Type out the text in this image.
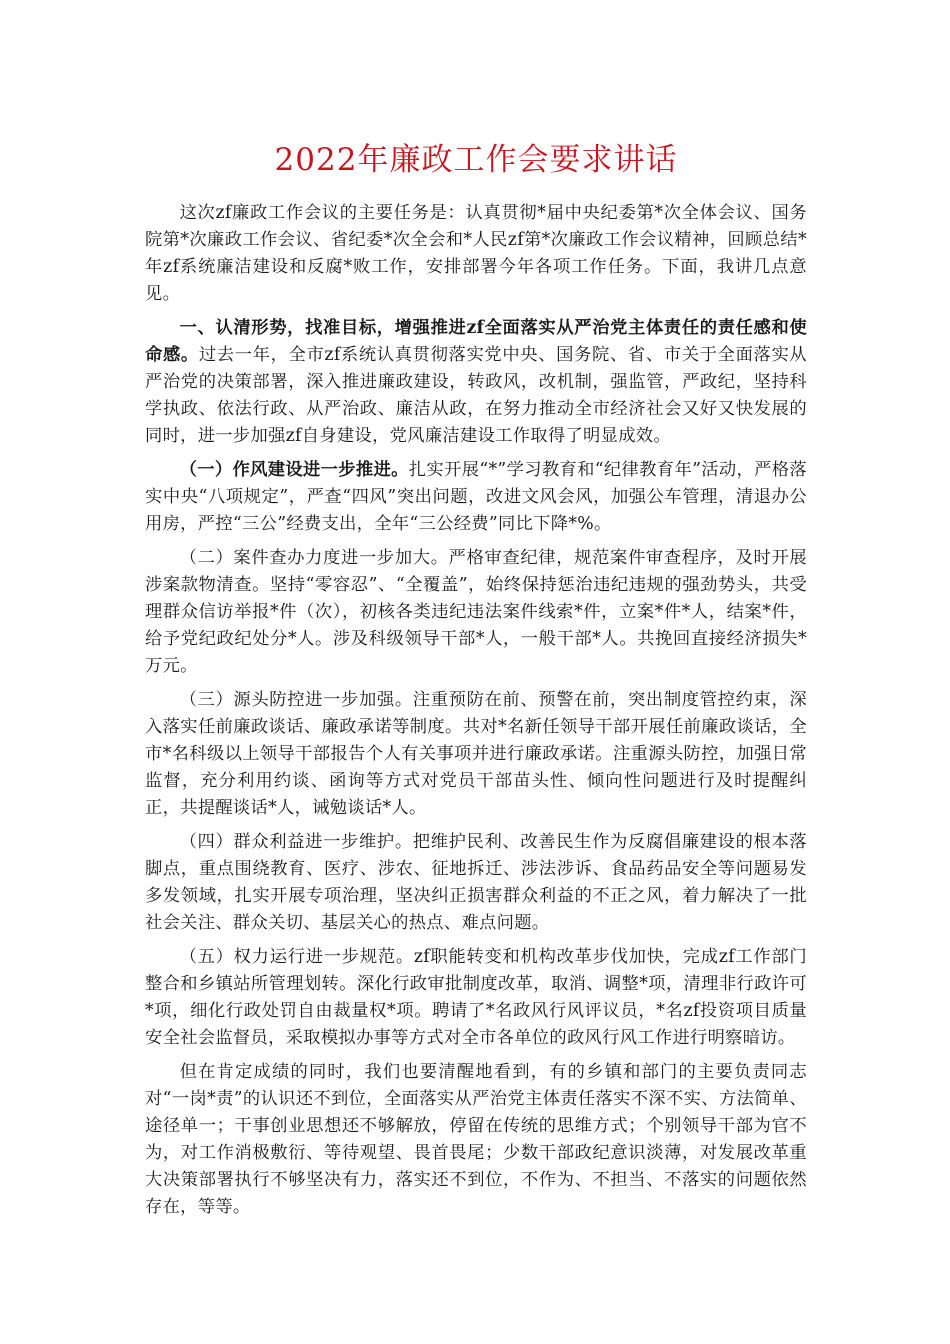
2022年廉政工作会要求讲话

这次zf廉政工作会议的主要任务是：认真贯彻*届中央纪委第*次全体会议、国务院第*次廉政工作会议、省纪委*次全会和*人民zf第*次廉政工作会议精神，回顾总结*年zf系统廉洁建设和反腐*败工作，安排部署今年各项工作任务。下面，我讲几点意见。

一、认清形势，找准目标，增强推进zf全面落实从严治党主体责任的责任感和使命感。过去一年，全市zf系统认真贯彻落实党中央、国务院、省、市关于全面落实从严治党的决策部署，深入推进廉政建设，转政风，改机制，强监管，严政纪，坚持科学执政、依法行政、从严治政、廉洁从政，在努力推动全市经济社会又好又快发展的同时，进一步加强zf自身建设，党风廉洁建设工作取得了明显成效。

（一）作风建设进一步推进。扎实开展“*”学习教育和“纪律教育年”活动，严格落实中央“八项规定”，严查“四风”突出问题，改进文风会风，加强公车管理，清退办公用房，严控“三公”经费支出，全年“三公经费”同比下降*%。

（二）案件查办力度进一步加大。严格审查纪律，规范案件审查程序，及时开展涉案款物清查。坚持“零容忍”、“全覆盖”，始终保持惩治违纪违规的强劲势头，共受理群众信访举报*件（次），初核各类违纪违法案件线索*件，立案*件*人，结案*件，给予党纪政纪处分*人。涉及科级领导干部*人，一般干部*人。共挽回直接经济损失*万元。

（三）源头防控进一步加强。注重预防在前、预警在前，突出制度管控约束，深入落实任前廉政谈话、廉政承诺等制度。共对*名新任领导干部开展任前廉政谈话，全市*名科级以上领导干部报告个人有关事项并进行廉政承诺。注重源头防控，加强日常监督，充分利用约谈、函询等方式对党员干部苗头性、倾向性问题进行及时提醒纠正，共提醒谈话*人，诫勉谈话*人。

（四）群众利益进一步维护。把维护民利、改善民生作为反腐倡廉建设的根本落脚点，重点围绕教育、医疗、涉农、征地拆迁、涉法涉诉、食品药品安全等问题易发多发领域，扎实开展专项治理，坚决纠正损害群众利益的不正之风，着力解决了一批社会关注、群众关切、基层关心的热点、难点问题。

（五）权力运行进一步规范。zf职能转变和机构改革步伐加快，完成zf工作部门整合和乡镇站所管理划转。深化行政审批制度改革，取消、调整*项，清理非行政许可*项，细化行政处罚自由裁量权*项。聘请了*名政风行风评议员，*名zf投资项目质量安全社会监督员，采取模拟办事等方式对全市各单位的政风行风工作进行明察暗访。

但在肯定成绩的同时，我们也要清醒地看到，有的乡镇和部门的主要负责同志对“一岗*责”的认识还不到位，全面落实从严治党主体责任落实不深不实、方法简单、途径单一；干事创业思想还不够解放，停留在传统的思维方式；个别领导干部为官不为，对工作消极敷衍、等待观望、畏首畏尾；少数干部政纪意识淡薄，对发展改革重大决策部署执行不够坚决有力，落实还不到位，不作为、不担当、不落实的问题依然存在，等等。
